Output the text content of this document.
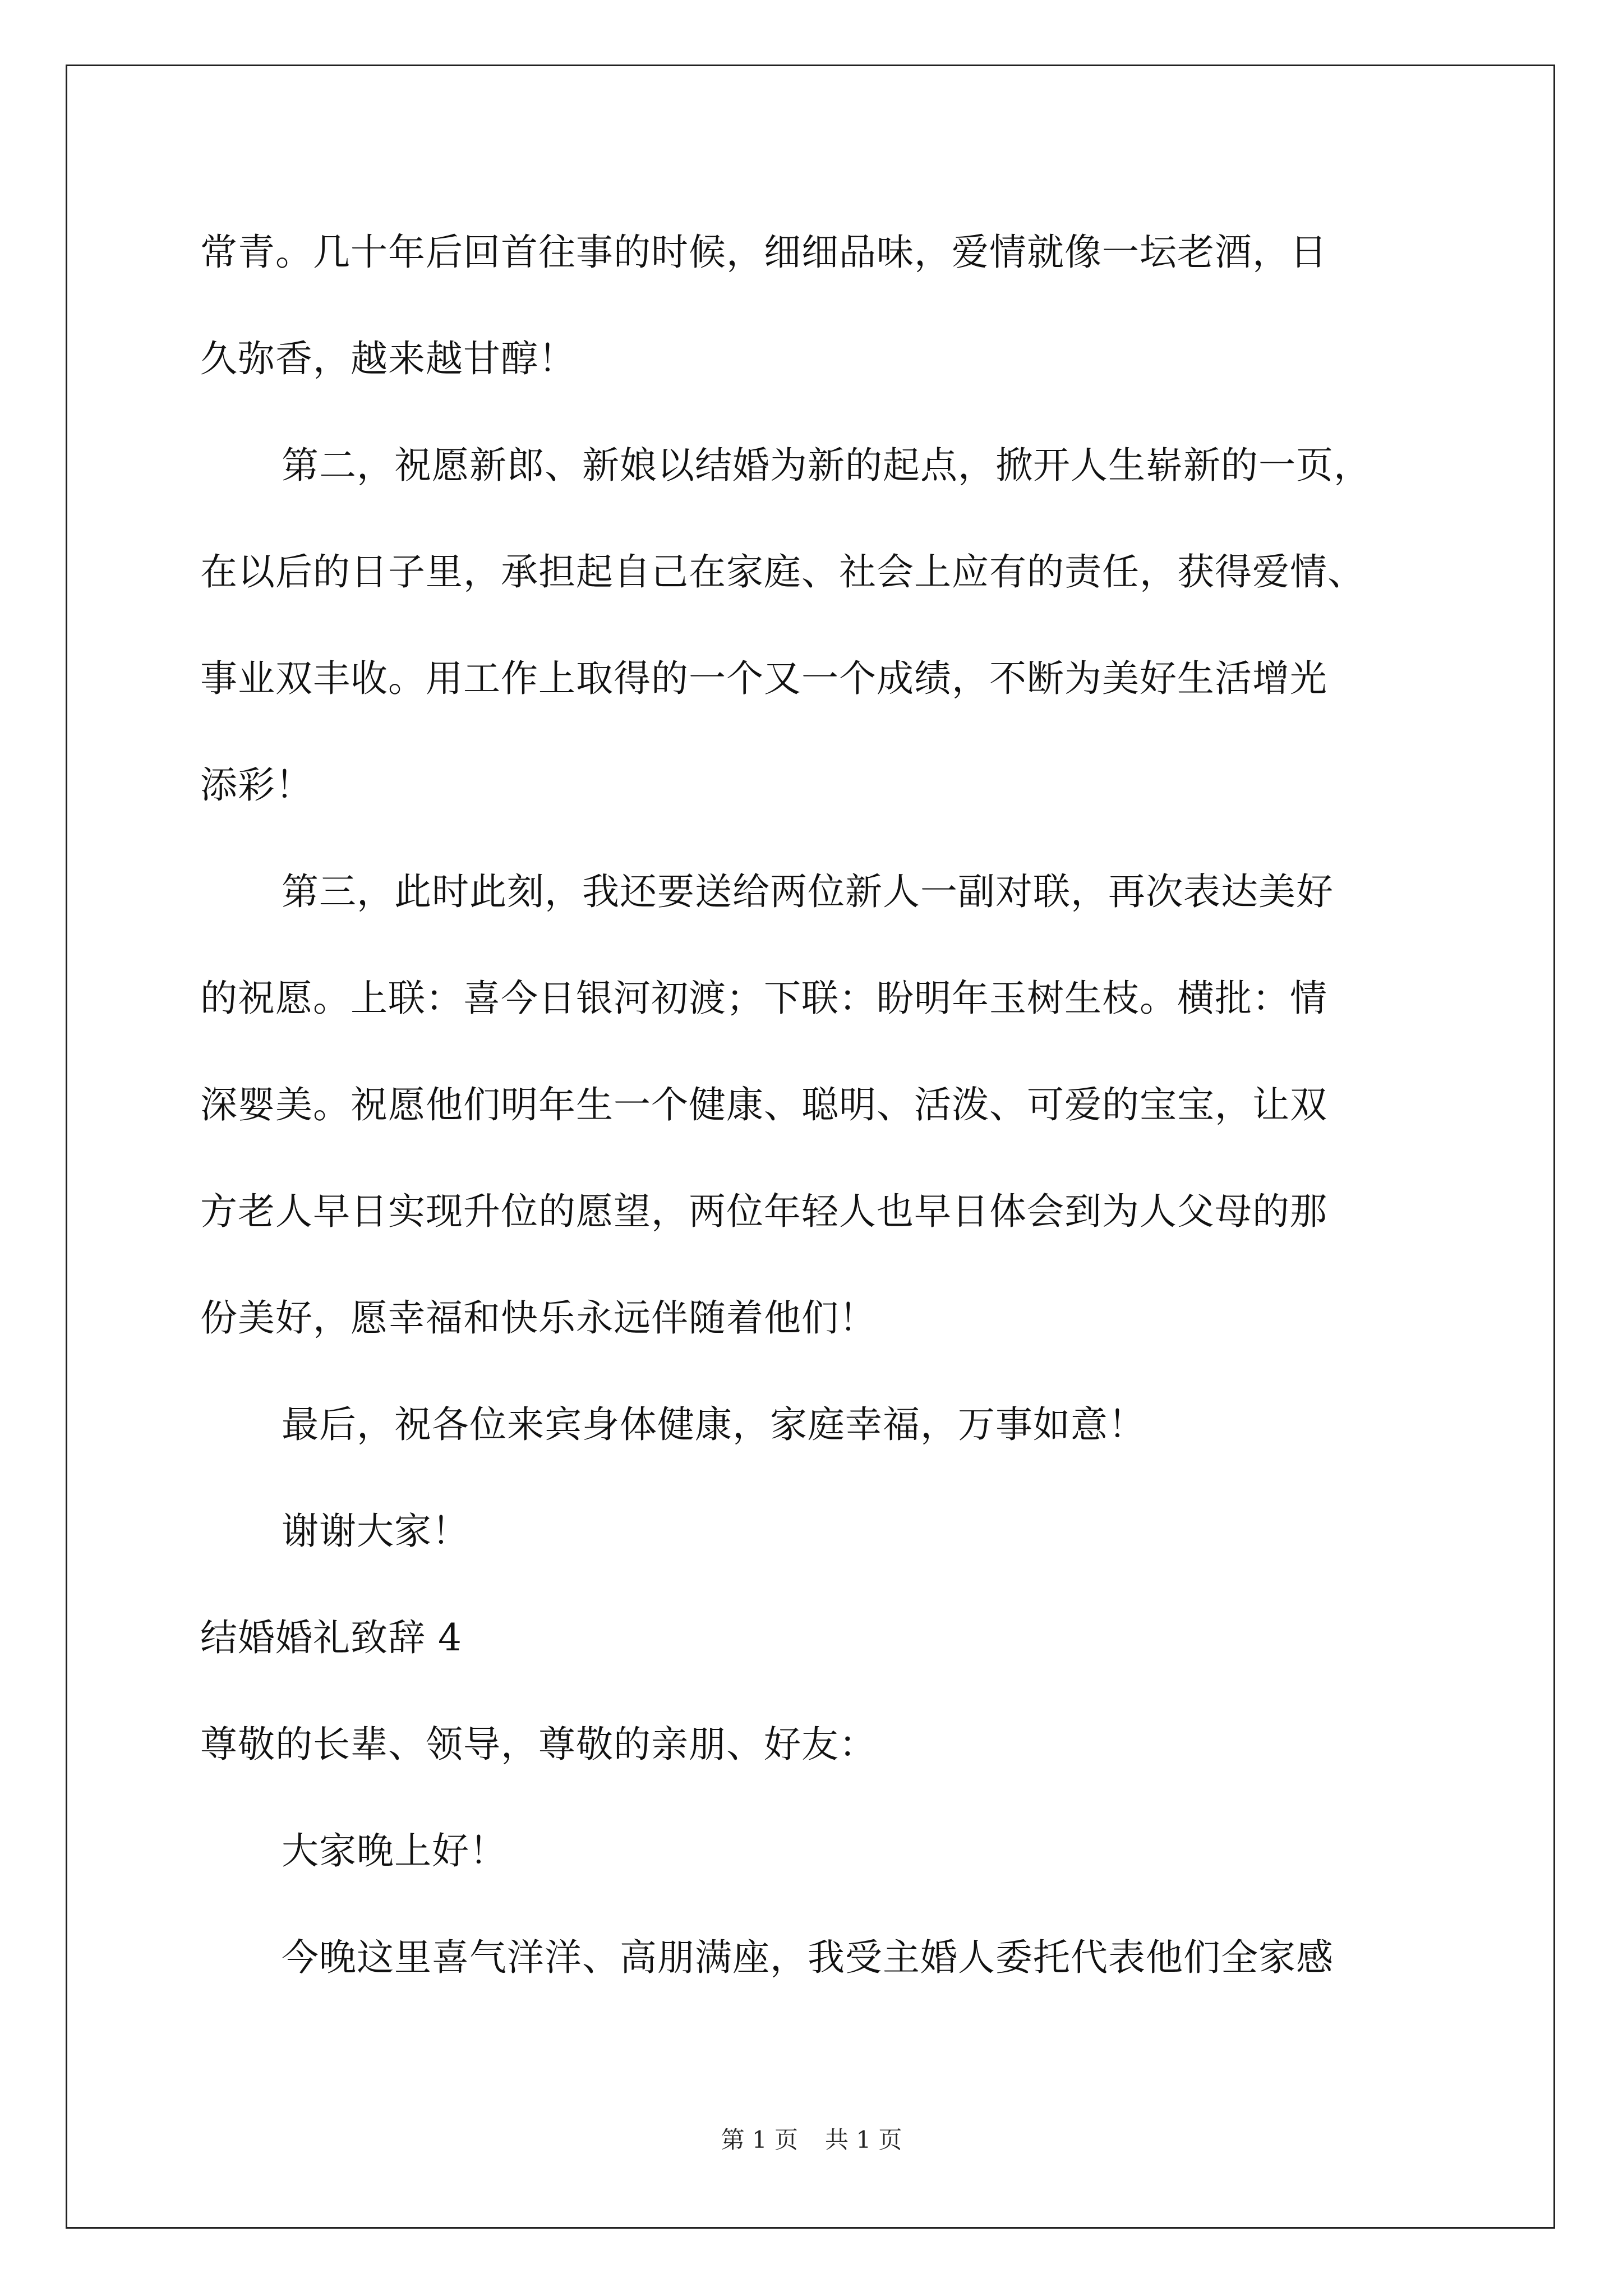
常青。几十年后回首往事的时候，细细品味，爱情就像一坛老酒，日
久弥香，越来越甘醇！
第二，祝愿新郎、新娘以结婚为新的起点，掀开人生崭新的一页，
在以后的日子里，承担起自己在家庭、社会上应有的责任，获得爱情、
事业双丰收。用工作上取得的一个又一个成绩，不断为美好生活增光
添彩！
第三，此时此刻，我还要送给两位新人一副对联，再次表达美好
的祝愿。上联：喜今日银河初渡；下联：盼明年玉树生枝。横批：情
深婴美。祝愿他们明年生一个健康、聪明、活泼、可爱的宝宝，让双
方老人早日实现升位的愿望，两位年轻人也早日体会到为人父母的那
份美好，愿幸福和快乐永远伴随着他们！
最后，祝各位来宾身体健康，家庭幸福，万事如意！
谢谢大家！
结婚婚礼致辞 4
尊敬的长辈、领导，尊敬的亲朋、好友：
大家晚上好！
今晚这里喜气洋洋、高朋满座，我受主婚人委托代表他们全家感
第 1 页 共 1 页
